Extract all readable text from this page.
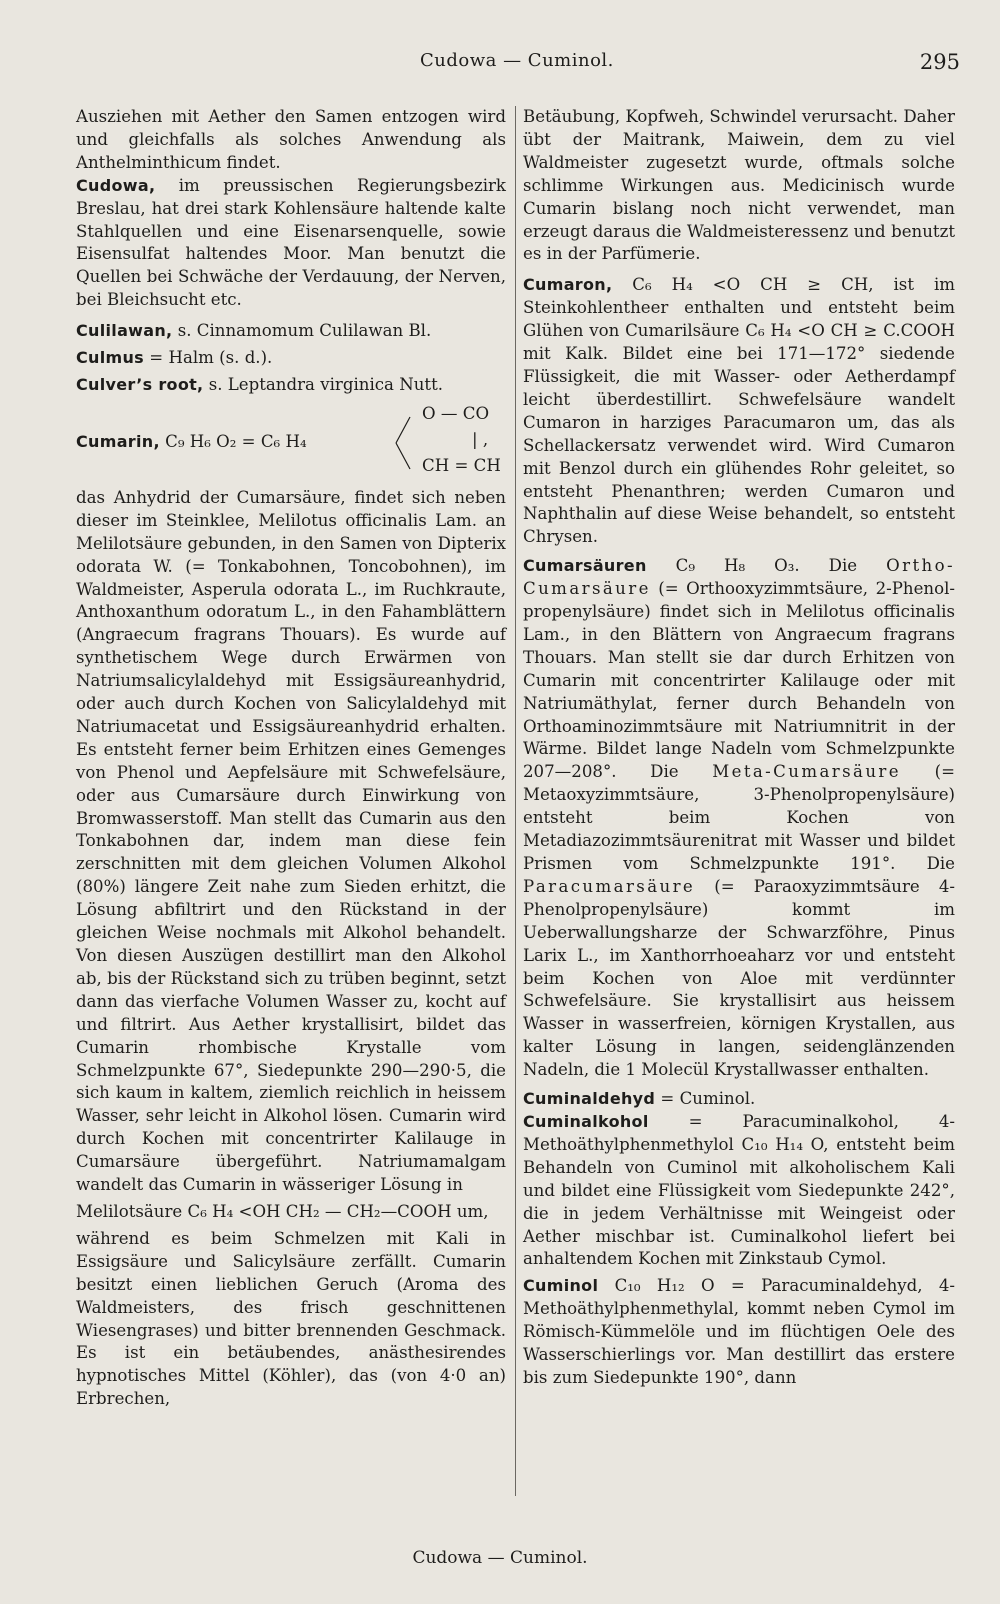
Cudowa — Cuminol.	295

Ausziehen mit Aether den Samen entzogen wird und gleichfalls als solches Anwendung als Anthelminthicum findet.

Cudowa, im preussischen Regierungsbezirk Breslau, hat drei stark Kohlensäure haltende kalte Stahlquellen und eine Eisenarsenquelle, sowie Eisensulfat haltendes Moor. Man benutzt die Quellen bei Schwäche der Verdauung, der Nerven, bei Bleichsucht etc.

Culilawan, s. Cinnamomum Culilawan Bl.

Culmus = Halm (s. d.).

Culver’s root, s. Leptandra virginica Nutt.

Cumarin, C₉ H₆ O₂ = C₆ H₄
O — CO
| ,
CH = CH

das Anhydrid der Cumarsäure, findet sich neben dieser im Steinklee, Melilotus officinalis Lam. an Melilotsäure gebunden, in den Samen von Dipterix odorata W. (= Tonkabohnen, Toncobohnen), im Waldmeister, Asperula odorata L., im Ruchkraute, Anthoxanthum odoratum L., in den Fahamblättern (Angraecum fragrans Thouars). Es wurde auf synthetischem Wege durch Erwärmen von Natriumsalicylaldehyd mit Essigsäureanhydrid, oder auch durch Kochen von Salicylaldehyd mit Natriumacetat und Essigsäureanhydrid erhalten. Es entsteht ferner beim Erhitzen eines Gemenges von Phenol und Aepfelsäure mit Schwefelsäure, oder aus Cumarsäure durch Einwirkung von Bromwasserstoff. Man stellt das Cumarin aus den Tonkabohnen dar, indem man diese fein zerschnitten mit dem gleichen Volumen Alkohol (80%) längere Zeit nahe zum Sieden erhitzt, die Lösung abfiltrirt und den Rückstand in der gleichen Weise nochmals mit Alkohol behandelt. Von diesen Auszügen destillirt man den Alkohol ab, bis der Rückstand sich zu trüben beginnt, setzt dann das vierfache Volumen Wasser zu, kocht auf und filtrirt. Aus Aether krystallisirt, bildet das Cumarin rhombische Krystalle vom Schmelzpunkte 67°, Siedepunkte 290—290·5, die sich kaum in kaltem, ziemlich reichlich in heissem Wasser, sehr leicht in Alkohol lösen. Cumarin wird durch Kochen mit concentrirter Kalilauge in Cumarsäure übergeführt. Natriumamalgam wandelt das Cumarin in wässeriger Lösung in

Melilotsäure C₆ H₄ <OH CH₂ — CH₂—COOH um,

während es beim Schmelzen mit Kali in Essigsäure und Salicylsäure zerfällt. Cumarin besitzt einen lieblichen Geruch (Aroma des Waldmeisters, des frisch geschnittenen Wiesengrases) und bitter brennenden Geschmack. Es ist ein betäubendes, anästhesirendes hypnotisches Mittel (Köhler), das (von 4·0 an) Erbrechen,

Betäubung, Kopfweh, Schwindel verursacht. Daher übt der Maitrank, Maiwein, dem zu viel Waldmeister zugesetzt wurde, oftmals solche schlimme Wirkungen aus. Medicinisch wurde Cumarin bislang noch nicht verwendet, man erzeugt daraus die Waldmeisteressenz und benutzt es in der Parfümerie.

Cumaron, C₆ H₄ <O CH ≥ CH, ist im Steinkohlentheer enthalten und entsteht beim Glühen von Cumarilsäure C₆ H₄ <O CH ≥ C.COOH mit Kalk. Bildet eine bei 171—172° siedende Flüssigkeit, die mit Wasser- oder Aetherdampf leicht überdestillirt. Schwefelsäure wandelt Cumaron in harziges Paracumaron um, das als Schellackersatz verwendet wird. Wird Cumaron mit Benzol durch ein glühendes Rohr geleitet, so entsteht Phenanthren; werden Cumaron und Naphthalin auf diese Weise behandelt, so entsteht Chrysen.

Cumarsäuren C₉ H₈ O₃. Die Ortho-Cumarsäure (= Orthooxyzimmtsäure, 2-Phenol-propenylsäure) findet sich in Melilotus officinalis Lam., in den Blättern von Angraecum fragrans Thouars. Man stellt sie dar durch Erhitzen von Cumarin mit concentrirter Kalilauge oder mit Natriumäthylat, ferner durch Behandeln von Orthoaminozimmtsäure mit Natriumnitrit in der Wärme. Bildet lange Nadeln vom Schmelzpunkte 207—208°. Die Meta-Cumarsäure (= Metaoxyzimmtsäure, 3-Phenolpropenylsäure) entsteht beim Kochen von Metadiazozimmtsäurenitrat mit Wasser und bildet Prismen vom Schmelzpunkte 191°. Die Paracumarsäure (= Paraoxyzimmtsäure 4-Phenolpropenylsäure) kommt im Ueberwallungsharze der Schwarzföhre, Pinus Larix L., im Xanthorrhoeaharz vor und entsteht beim Kochen von Aloe mit verdünnter Schwefelsäure. Sie krystallisirt aus heissem Wasser in wasserfreien, körnigen Krystallen, aus kalter Lösung in langen, seidenglänzenden Nadeln, die 1 Molecül Krystallwasser enthalten.

Cuminaldehyd = Cuminol.

Cuminalkohol = Paracuminalkohol, 4-Methoäthylphenmethylol C₁₀ H₁₄ O, entsteht beim Behandeln von Cuminol mit alkoholischem Kali und bildet eine Flüssigkeit vom Siedepunkte 242°, die in jedem Verhältnisse mit Weingeist oder Aether mischbar ist. Cuminalkohol liefert bei anhaltendem Kochen mit Zinkstaub Cymol.

Cuminol C₁₀ H₁₂ O = Paracuminaldehyd, 4-Methoäthylphenmethylal, kommt neben Cymol im Römisch-Kümmelöle und im flüchtigen Oele des Wasserschierlings vor. Man destillirt das erstere bis zum Siedepunkte 190°, dann

Cudowa — Cuminol.
